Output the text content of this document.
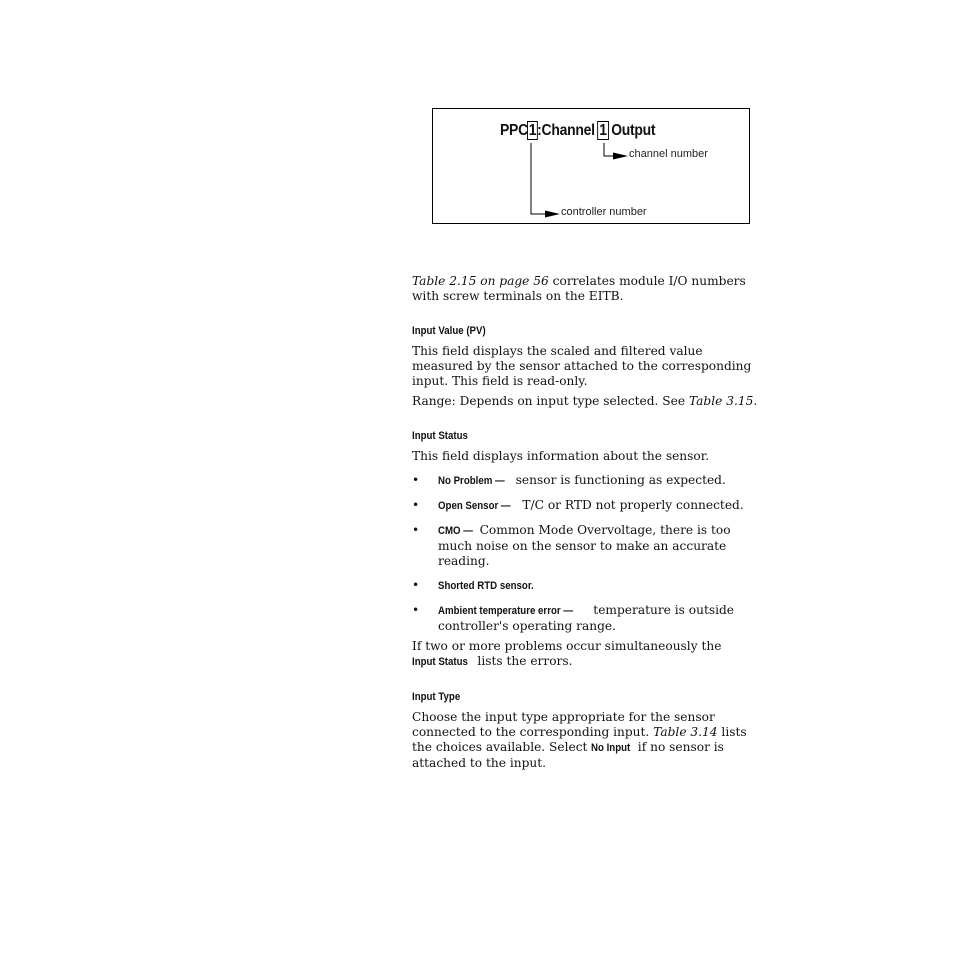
PPC1:Channel 1 Output
channel number
controller number

Table 2.15 on page 56 correlates module I/O numbers with screw terminals on the EITB.

Input Value (PV)

This field displays the scaled and filtered value measured by the sensor attached to the corresponding input. This field is read-only.

Range: Depends on input type selected. See Table 3.15.

Input Status

This field displays information about the sensor.

• No Problem — sensor is functioning as expected.
• Open Sensor — T/C or RTD not properly connected.
• CMO — Common Mode Overvoltage, there is too much noise on the sensor to make an accurate reading.
• Shorted RTD sensor.
• Ambient temperature error — temperature is outside controller's operating range.

If two or more problems occur simultaneously the Input Status lists the errors.

Input Type

Choose the input type appropriate for the sensor connected to the corresponding input. Table 3.14 lists the choices available. Select No Input if no sensor is attached to the input.
